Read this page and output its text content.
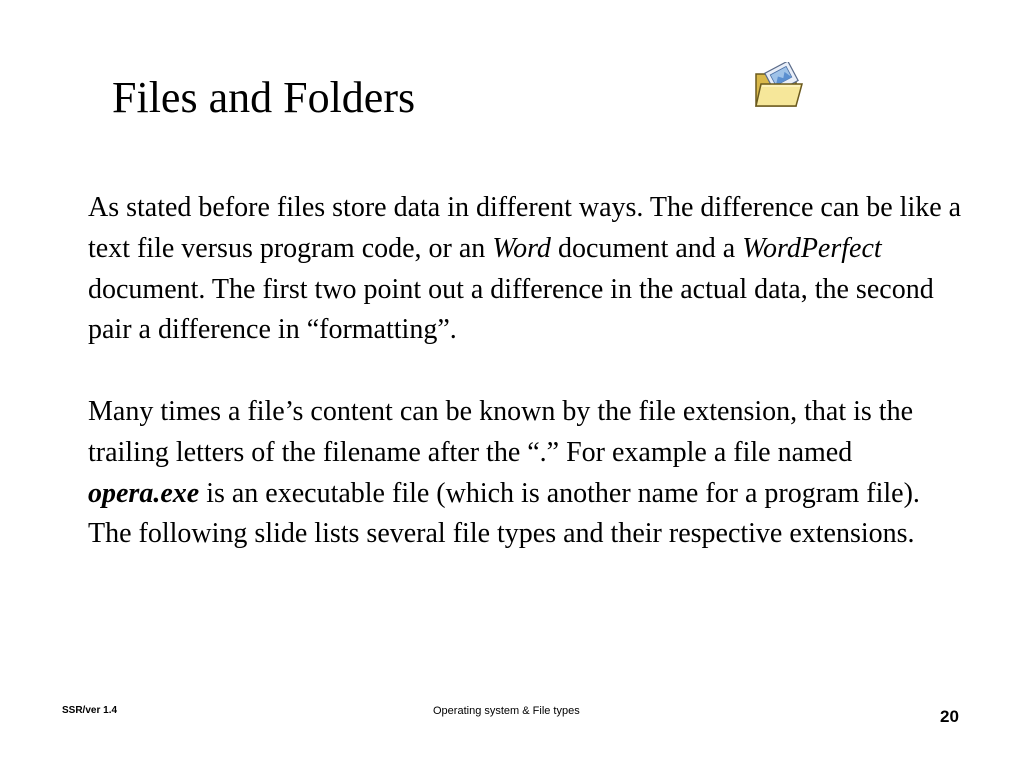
Files and Folders

As stated before files store data in different ways. The difference can be like a text file versus program code, or an Word document and a WordPerfect document. The first two point out a difference in the actual data, the second pair a difference in “formatting”.

Many times a file’s content can be known by the file extension, that is the trailing letters of the filename after the “.” For example a file named opera.exe is an executable file (which is another name for a program file). The following slide lists several file types and their respective extensions.

SSR/ver 1.4	Operating system & File types	20
